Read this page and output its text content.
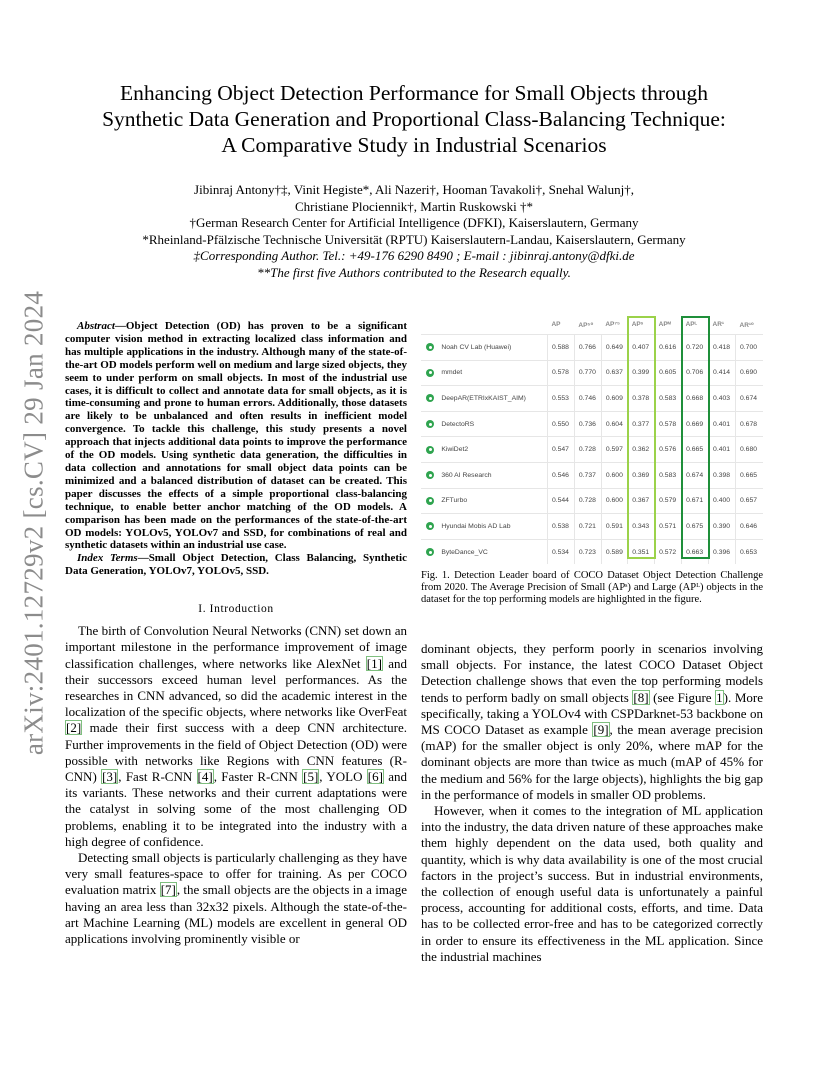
arXiv:2401.12729v2 [cs.CV] 29 Jan 2024
Enhancing Object Detection Performance for Small Objects through
Synthetic Data Generation and Proportional Class-Balancing Technique:
A Comparative Study in Industrial Scenarios
Jibinraj Antony†‡, Vinit Hegiste*, Ali Nazeri†, Hooman Tavakoli†, Snehal Walunj†,
Christiane Plociennik†, Martin Ruskowski †*
†German Research Center for Artificial Intelligence (DFKI), Kaiserslautern, Germany
*Rheinland-Pfälzische Technische Universität (RPTU) Kaiserslautern-Landau, Kaiserslautern, Germany
‡Corresponding Author. Tel.: +49-176 6290 8490 ; E-mail : jibinraj.antony@dfki.de
**The first five Authors contributed to the Research equally.

Abstract—Object Detection (OD) has proven to be a significant computer vision method in extracting localized class information and has multiple applications in the industry. Although many of the state-of-the-art OD models perform well on medium and large sized objects, they seem to under perform on small objects. In most of the industrial use cases, it is difficult to collect and annotate data for small objects, as it is time-consuming and prone to human errors. Additionally, those datasets are likely to be unbalanced and often results in inefficient model convergence. To tackle this challenge, this study presents a novel approach that injects additional data points to improve the performance of the OD models. Using synthetic data generation, the difficulties in data collection and annotations for small object data points can be minimized and a balanced distribution of dataset can be created. This paper discusses the effects of a simple proportional class-balancing technique, to enable better anchor matching of the OD models. A comparison has been made on the performances of the state-of-the-art OD models: YOLOv5, YOLOv7 and SSD, for combinations of real and synthetic datasets within an industrial use case.

Index Terms—Small Object Detection, Class Balancing, Synthetic Data Generation, YOLOv7, YOLOv5, SSD.

I. Introduction

The birth of Convolution Neural Networks (CNN) set down an important milestone in the performance improvement of image classification challenges, where networks like AlexNet [1] and their successors exceed human level performances. As the researches in CNN advanced, so did the academic interest in the localization of the specific objects, where networks like OverFeat [2] made their first success with a deep CNN architecture. Further improvements in the field of Object Detection (OD) were possible with networks like Regions with CNN features (R-CNN) [3], Fast R-CNN [4], Faster R-CNN [5], YOLO [6] and its variants. These networks and their current adaptations were the catalyst in solving some of the most challenging OD problems, enabling it to be integrated into the industry with a high degree of confidence.

Detecting small objects is particularly challenging as they have very small features-space to offer for training. As per COCO evaluation matrix [7], the small objects are the objects in a image having an area less than 32x32 pixels. Although the state-of-the-art Machine Learning (ML) models are excellent in general OD applications involving prominently visible or

		AP	AP⁵⁰	AP⁷⁵	APˢ	APᴹ	APᴸ	AR¹	AR¹⁰
	Noah CV Lab (Huawei)	0.588	0.766	0.649	0.407	0.616	0.720	0.418	0.700
	mmdet	0.578	0.770	0.637	0.399	0.605	0.706	0.414	0.690
	DeepAR(ETRIxKAIST_AIM)	0.553	0.746	0.609	0.378	0.583	0.668	0.403	0.674
	DetectoRS	0.550	0.736	0.604	0.377	0.578	0.669	0.401	0.678
	KiwiDet2	0.547	0.728	0.597	0.362	0.576	0.665	0.401	0.680
	360 AI Research	0.546	0.737	0.600	0.369	0.583	0.674	0.398	0.665
	ZFTurbo	0.544	0.728	0.600	0.367	0.579	0.671	0.400	0.657
	Hyundai Mobis AD Lab	0.538	0.721	0.591	0.343	0.571	0.675	0.390	0.646
	ByteDance_VC	0.534	0.723	0.589	0.351	0.572	0.663	0.396	0.653
Fig. 1. Detection Leader board of COCO Dataset Object Detection Challenge from 2020. The Average Precision of Small (APˢ) and Large (APᴸ) objects in the dataset for the top performing models are highlighted in the figure.

dominant objects, they perform poorly in scenarios involving small objects. For instance, the latest COCO Dataset Object Detection challenge shows that even the top performing models tends to perform badly on small objects [8] (see Figure 1). More specifically, taking a YOLOv4 with CSPDarknet-53 backbone on MS COCO Dataset as example [9], the mean average precision (mAP) for the smaller object is only 20%, where mAP for the dominant objects are more than twice as much (mAP of 45% for the medium and 56% for the large objects), highlights the big gap in the performance of models in smaller OD problems.

However, when it comes to the integration of ML application into the industry, the data driven nature of these approaches make them highly dependent on the data used, both quality and quantity, which is why data availability is one of the most crucial factors in the project’s success. But in industrial environments, the collection of enough useful data is unfortunately a painful process, accounting for additional costs, efforts, and time. Data has to be collected error-free and has to be categorized correctly in order to ensure its effectiveness in the ML application. Since the industrial machines
